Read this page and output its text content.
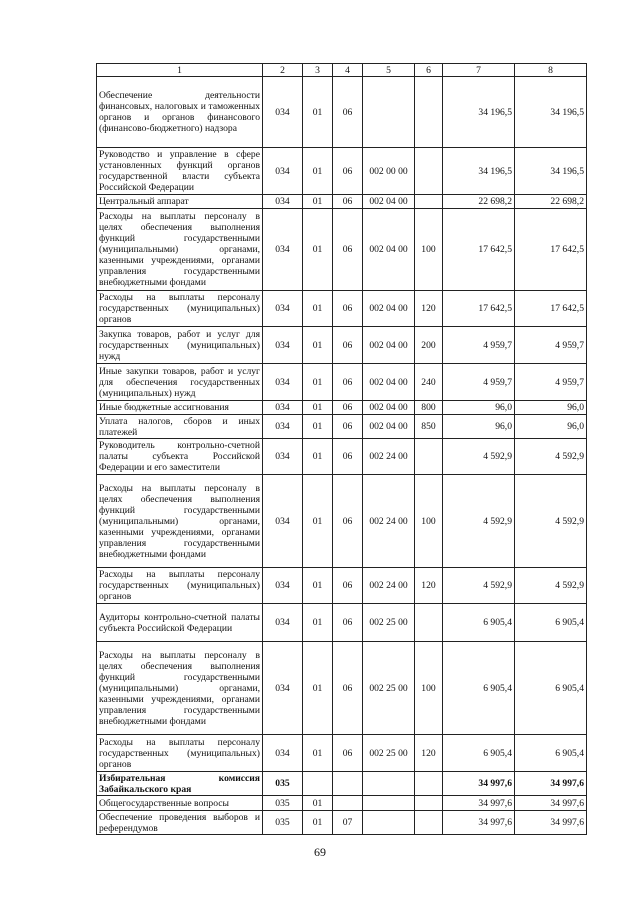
1	2	3	4	5	6	7	8
Обеспечение деятельности финансовых, налоговых и таможенных органов и органов финансового (финансово-бюджетного) надзора	034	01	06			34 196,5	34 196,5
Руководство и управление в сфере установленных функций органов государственной власти субъекта Российской Федерации	034	01	06	002 00 00		34 196,5	34 196,5
Центральный аппарат	034	01	06	002 04 00		22 698,2	22 698,2
Расходы на выплаты персоналу в целях обеспечения выполнения функций государственными (муниципальными) органами, казенными учреждениями, органами управления государственными внебюджетными фондами	034	01	06	002 04 00	100	17 642,5	17 642,5
Расходы на выплаты персоналу государственных (муниципальных) органов	034	01	06	002 04 00	120	17 642,5	17 642,5
Закупка товаров, работ и услуг для государственных (муниципальных) нужд	034	01	06	002 04 00	200	4 959,7	4 959,7
Иные закупки товаров, работ и услуг для обеспечения государственных (муниципальных) нужд	034	01	06	002 04 00	240	4 959,7	4 959,7
Иные бюджетные ассигнования	034	01	06	002 04 00	800	96,0	96,0
Уплата налогов, сборов и иных платежей	034	01	06	002 04 00	850	96,0	96,0
Руководитель контрольно-счетной палаты субъекта Российской Федерации и его заместители	034	01	06	002 24 00		4 592,9	4 592,9
Расходы на выплаты персоналу в целях обеспечения выполнения функций государственными (муниципальными) органами, казенными учреждениями, органами управления государственными внебюджетными фондами	034	01	06	002 24 00	100	4 592,9	4 592,9
Расходы на выплаты персоналу государственных (муниципальных) органов	034	01	06	002 24 00	120	4 592,9	4 592,9
Аудиторы контрольно-счетной палаты субъекта Российской Федерации	034	01	06	002 25 00		6 905,4	6 905,4
Расходы на выплаты персоналу в целях обеспечения выполнения функций государственными (муниципальными) органами, казенными учреждениями, органами управления государственными внебюджетными фондами	034	01	06	002 25 00	100	6 905,4	6 905,4
Расходы на выплаты персоналу государственных (муниципальных) органов	034	01	06	002 25 00	120	6 905,4	6 905,4
Избирательная комиссия Забайкальского края	035					34 997,6	34 997,6
Общегосударственные вопросы	035	01				34 997,6	34 997,6
Обеспечение проведения выборов и референдумов	035	01	07			34 997,6	34 997,6
69
